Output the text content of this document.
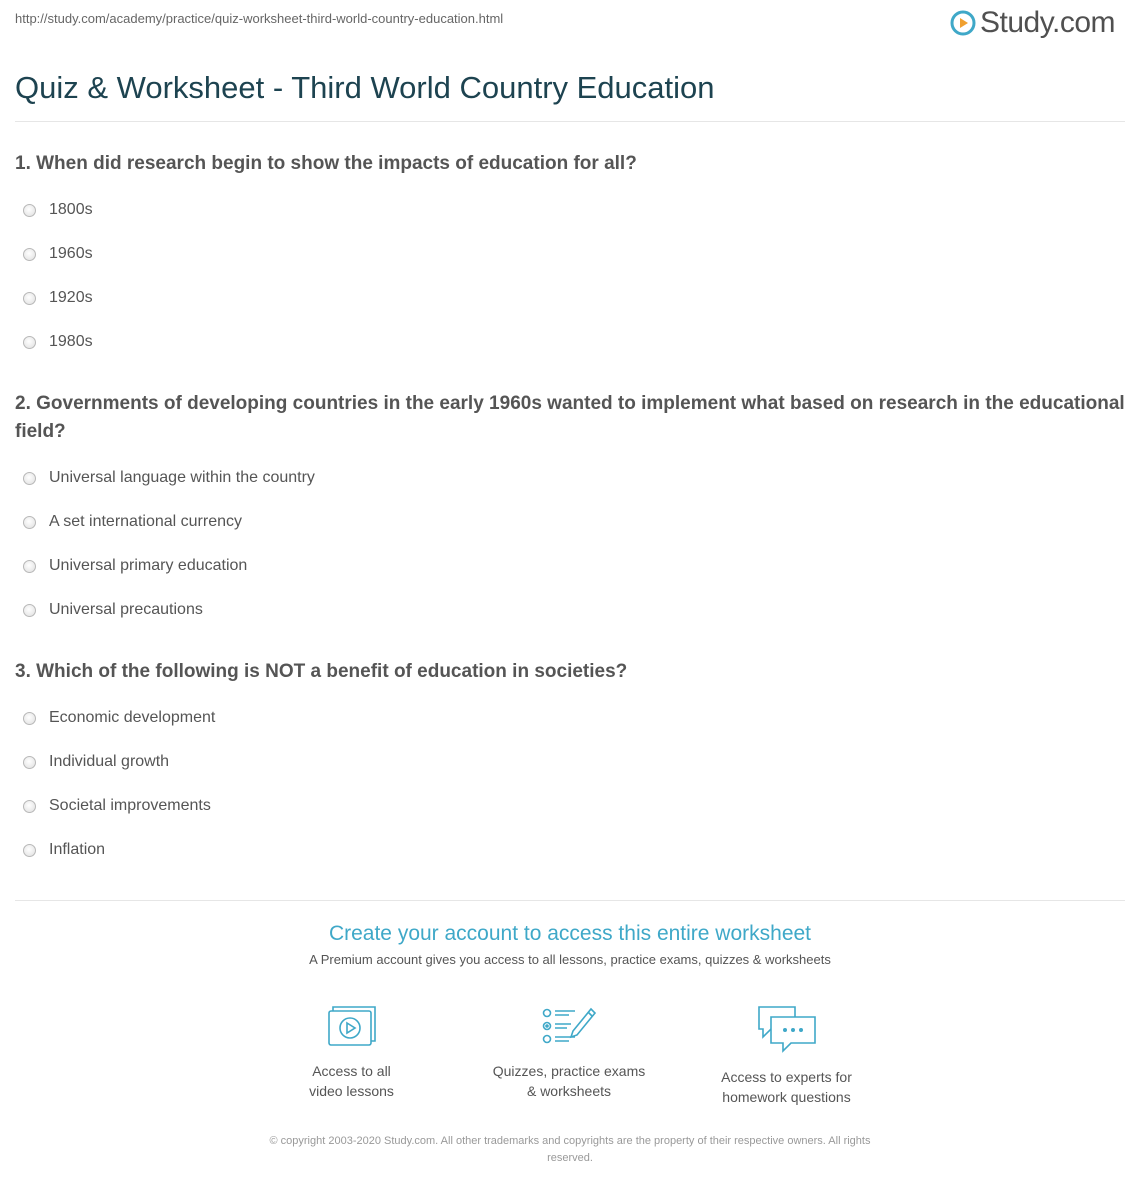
http://study.com/academy/practice/quiz-worksheet-third-world-country-education.html	Study.com
Quiz & Worksheet - Third World Country Education
1. When did research begin to show the impacts of education for all?
1800s
1960s
1920s
1980s
2. Governments of developing countries in the early 1960s wanted to implement what based on research in the educational field?
Universal language within the country
A set international currency
Universal primary education
Universal precautions
3. Which of the following is NOT a benefit of education in societies?
Economic development
Individual growth
Societal improvements
Inflation
Create your account to access this entire worksheet
A Premium account gives you access to all lessons, practice exams, quizzes & worksheets
Access to all
video lessons
Quizzes, practice exams
& worksheets
Access to experts for
homework questions
© copyright 2003-2020 Study.com. All other trademarks and copyrights are the property of their respective owners. All rights
reserved.
